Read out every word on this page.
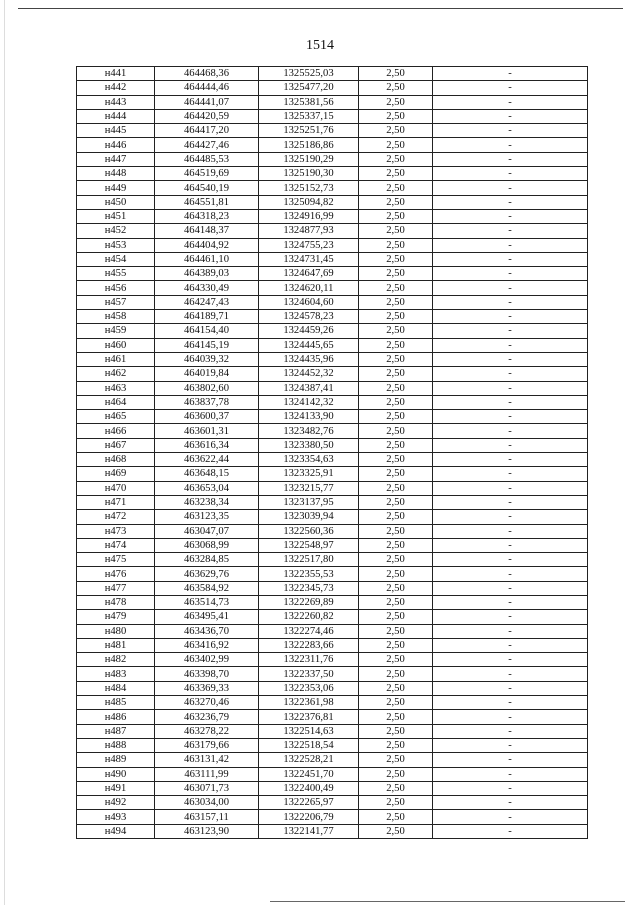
1514
н441	464468,36	1325525,03	2,50	-
н442	464444,46	1325477,20	2,50	-
н443	464441,07	1325381,56	2,50	-
н444	464420,59	1325337,15	2,50	-
н445	464417,20	1325251,76	2,50	-
н446	464427,46	1325186,86	2,50	-
н447	464485,53	1325190,29	2,50	-
н448	464519,69	1325190,30	2,50	-
н449	464540,19	1325152,73	2,50	-
н450	464551,81	1325094,82	2,50	-
н451	464318,23	1324916,99	2,50	-
н452	464148,37	1324877,93	2,50	-
н453	464404,92	1324755,23	2,50	-
н454	464461,10	1324731,45	2,50	-
н455	464389,03	1324647,69	2,50	-
н456	464330,49	1324620,11	2,50	-
н457	464247,43	1324604,60	2,50	-
н458	464189,71	1324578,23	2,50	-
н459	464154,40	1324459,26	2,50	-
н460	464145,19	1324445,65	2,50	-
н461	464039,32	1324435,96	2,50	-
н462	464019,84	1324452,32	2,50	-
н463	463802,60	1324387,41	2,50	-
н464	463837,78	1324142,32	2,50	-
н465	463600,37	1324133,90	2,50	-
н466	463601,31	1323482,76	2,50	-
н467	463616,34	1323380,50	2,50	-
н468	463622,44	1323354,63	2,50	-
н469	463648,15	1323325,91	2,50	-
н470	463653,04	1323215,77	2,50	-
н471	463238,34	1323137,95	2,50	-
н472	463123,35	1323039,94	2,50	-
н473	463047,07	1322560,36	2,50	-
н474	463068,99	1322548,97	2,50	-
н475	463284,85	1322517,80	2,50	-
н476	463629,76	1322355,53	2,50	-
н477	463584,92	1322345,73	2,50	-
н478	463514,73	1322269,89	2,50	-
н479	463495,41	1322260,82	2,50	-
н480	463436,70	1322274,46	2,50	-
н481	463416,92	1322283,66	2,50	-
н482	463402,99	1322311,76	2,50	-
н483	463398,70	1322337,50	2,50	-
н484	463369,33	1322353,06	2,50	-
н485	463270,46	1322361,98	2,50	-
н486	463236,79	1322376,81	2,50	-
н487	463278,22	1322514,63	2,50	-
н488	463179,66	1322518,54	2,50	-
н489	463131,42	1322528,21	2,50	-
н490	463111,99	1322451,70	2,50	-
н491	463071,73	1322400,49	2,50	-
н492	463034,00	1322265,97	2,50	-
н493	463157,11	1322206,79	2,50	-
н494	463123,90	1322141,77	2,50	-
